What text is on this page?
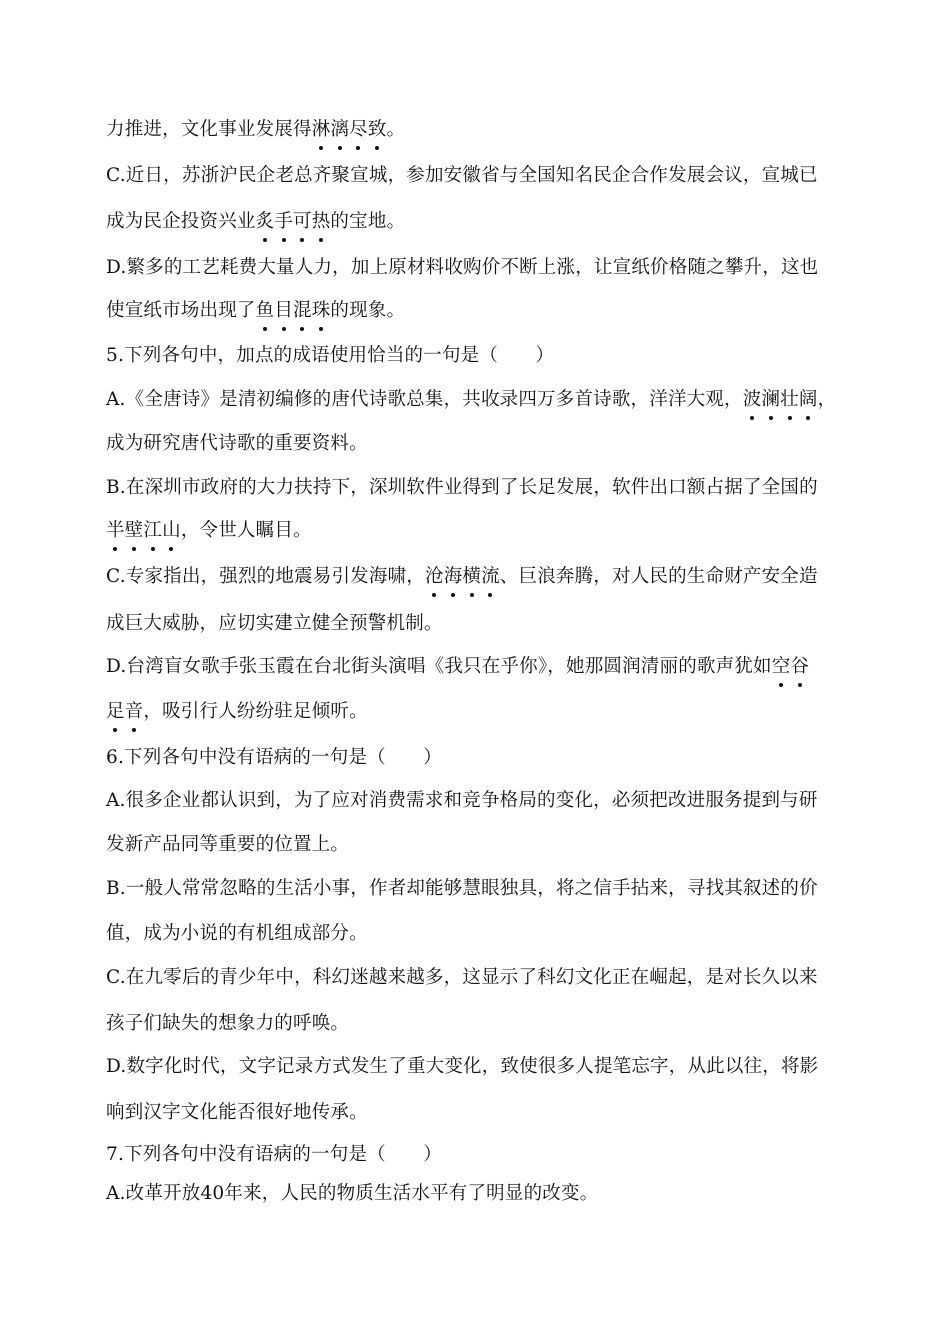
力推进，文化事业发展得淋漓尽致。
C.近日，苏浙沪民企老总齐聚宣城，参加安徽省与全国知名民企合作发展会议，宣城已
成为民企投资兴业炙手可热的宝地。
D.繁多的工艺耗费大量人力，加上原材料收购价不断上涨，让宣纸价格随之攀升，这也
使宣纸市场出现了鱼目混珠的现象。
5.下列各句中，加点的成语使用恰当的一句是（　　）
A.《全唐诗》是清初编修的唐代诗歌总集，共收录四万多首诗歌，洋洋大观，波澜壮阔，
成为研究唐代诗歌的重要资料。
B.在深圳市政府的大力扶持下，深圳软件业得到了长足发展，软件出口额占据了全国的
半壁江山，令世人瞩目。
C.专家指出，强烈的地震易引发海啸，沧海横流、巨浪奔腾，对人民的生命财产安全造
成巨大威胁，应切实建立健全预警机制。
D.台湾盲女歌手张玉霞在台北街头演唱《我只在乎你》，她那圆润清丽的歌声犹如空谷
足音，吸引行人纷纷驻足倾听。
6.下列各句中没有语病的一句是（　　）
A.很多企业都认识到，为了应对消费需求和竞争格局的变化，必须把改进服务提到与研
发新产品同等重要的位置上。
B.一般人常常忽略的生活小事，作者却能够慧眼独具，将之信手拈来，寻找其叙述的价
值，成为小说的有机组成部分。
C.在九零后的青少年中，科幻迷越来越多，这显示了科幻文化正在崛起，是对长久以来
孩子们缺失的想象力的呼唤。
D.数字化时代，文字记录方式发生了重大变化，致使很多人提笔忘字，从此以往，将影
响到汉字文化能否很好地传承。
7.下列各句中没有语病的一句是（　　）
A.改革开放40年来，人民的物质生活水平有了明显的改变。
